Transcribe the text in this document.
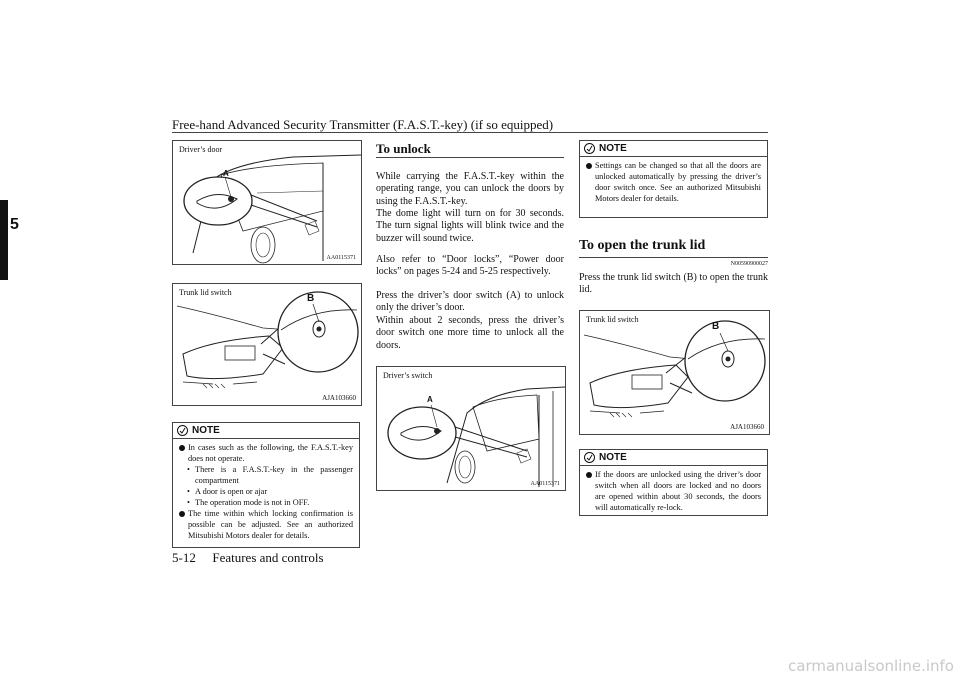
Free-hand Advanced Security Transmitter (F.A.S.T.-key) (if so equipped)
5
Driver’s door
A
AA0115371
Trunk lid switch
B
AJA103660
NOTE
In cases such as the following, the F.A.S.T.-key does not operate.
• There is a F.A.S.T.-key in the passenger compartment
• A door is open or ajar
• The operation mode is not in OFF.
The time within which locking confirmation is possible can be adjusted. See an authorized Mitsubishi Motors dealer for details.
To unlock
While carrying the F.A.S.T.-key within the operating range, you can unlock the doors by using the F.A.S.T.-key.
The dome light will turn on for 30 seconds. The turn signal lights will blink twice and the buzzer will sound twice.
Also refer to “Door locks”, “Power door locks” on pages 5-24 and 5-25 respectively.
Press the driver’s door switch (A) to unlock only the driver’s door.
Within about 2 seconds, press the driver’s door switch one more time to unlock all the doors.
Driver’s switch
A
AA0115371
NOTE
Settings can be changed so that all the doors are unlocked automatically by pressing the driver’s door switch once. See an authorized Mitsubishi Motors dealer for details.
To open the trunk lid
N00590900027
Press the trunk lid switch (B) to open the trunk lid.
Trunk lid switch
B
AJA103660
NOTE
If the doors are unlocked using the driver’s door switch when all doors are locked and no doors are opened within about 30 seconds, the doors will automatically re-lock.
5-12 Features and controls
carmanualsonline.info
